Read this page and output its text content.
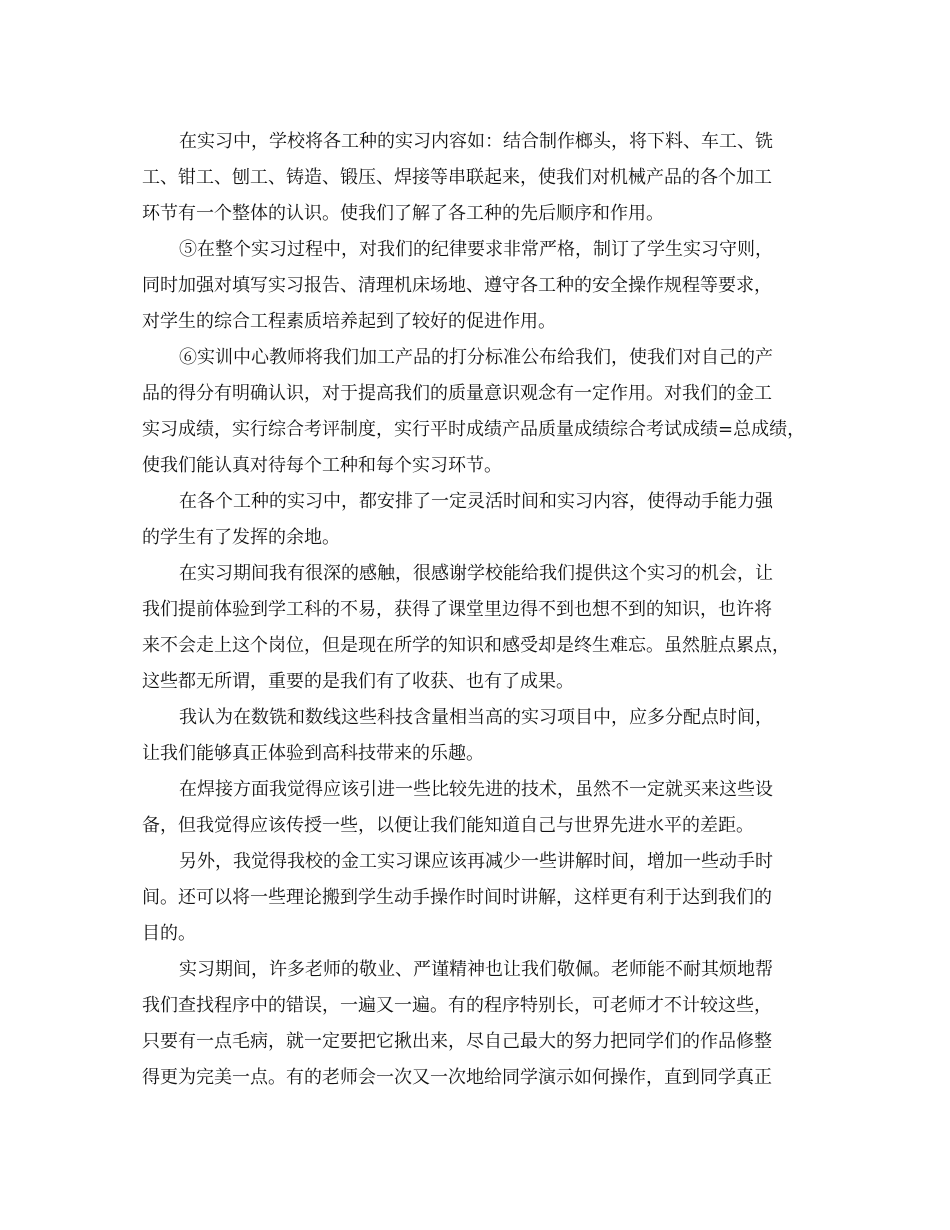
在实习中，学校将各工种的实习内容如：结合制作榔头，将下料、车工、铣
工、钳工、刨工、铸造、锻压、焊接等串联起来，使我们对机械产品的各个加工
环节有一个整体的认识。使我们了解了各工种的先后顺序和作用。
⑤在整个实习过程中，对我们的纪律要求非常严格，制订了学生实习守则，
同时加强对填写实习报告、清理机床场地、遵守各工种的安全操作规程等要求，
对学生的综合工程素质培养起到了较好的促进作用。
⑥实训中心教师将我们加工产品的打分标准公布给我们，使我们对自己的产
品的得分有明确认识，对于提高我们的质量意识观念有一定作用。对我们的金工
实习成绩，实行综合考评制度，实行平时成绩产品质量成绩综合考试成绩=总成绩，
使我们能认真对待每个工种和每个实习环节。
在各个工种的实习中，都安排了一定灵活时间和实习内容，使得动手能力强
的学生有了发挥的余地。
在实习期间我有很深的感触，很感谢学校能给我们提供这个实习的机会，让
我们提前体验到学工科的不易，获得了课堂里边得不到也想不到的知识，也许将
来不会走上这个岗位，但是现在所学的知识和感受却是终生难忘。虽然脏点累点，
这些都无所谓，重要的是我们有了收获、也有了成果。
我认为在数铣和数线这些科技含量相当高的实习项目中，应多分配点时间，
让我们能够真正体验到高科技带来的乐趣。
在焊接方面我觉得应该引进一些比较先进的技术，虽然不一定就买来这些设
备，但我觉得应该传授一些，以便让我们能知道自己与世界先进水平的差距。
另外，我觉得我校的金工实习课应该再减少一些讲解时间，增加一些动手时
间。还可以将一些理论搬到学生动手操作时间时讲解，这样更有利于达到我们的
目的。
实习期间，许多老师的敬业、严谨精神也让我们敬佩。老师能不耐其烦地帮
我们查找程序中的错误，一遍又一遍。有的程序特别长，可老师才不计较这些，
只要有一点毛病，就一定要把它揪出来，尽自己最大的努力把同学们的作品修整
得更为完美一点。有的老师会一次又一次地给同学演示如何操作，直到同学真正
